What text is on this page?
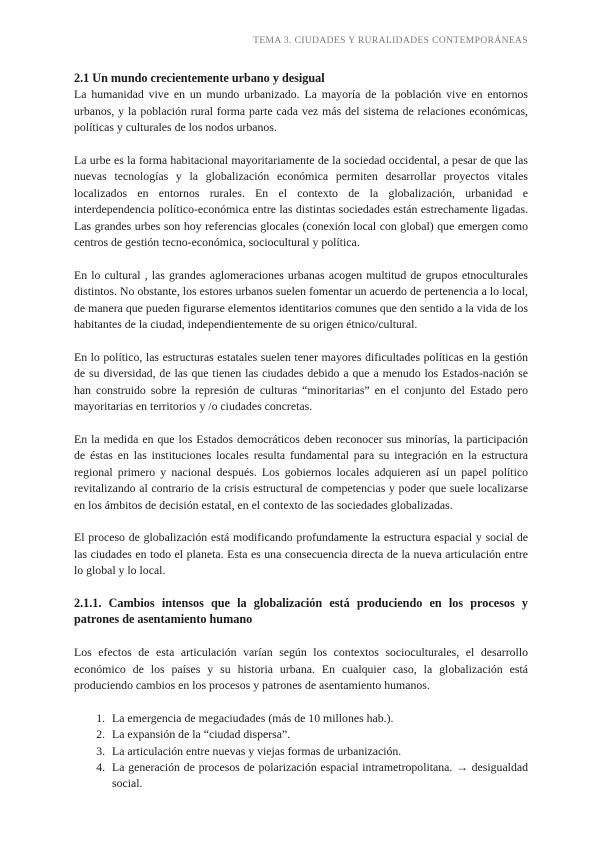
TEMA 3. CIUDADES Y RURALIDADES CONTEMPORÁNEAS
2.1 Un mundo crecientemente urbano y desigual

La humanidad vive en un mundo urbanizado. La mayoría de la población vive en entornos urbanos, y la población rural forma parte cada vez más del sistema de relaciones económicas, políticas y culturales de los nodos urbanos.

La urbe es la forma habitacional mayoritariamente de la sociedad occidental, a pesar de que las nuevas tecnologías y la globalización económica permiten desarrollar proyectos vitales localizados en entornos rurales. En el contexto de la globalización, urbanidad e interdependencia político-económica entre las distintas sociedades están estrechamente ligadas. Las grandes urbes son hoy referencias glocales (conexión local con global) que emergen como centros de gestión tecno-económica, sociocultural y política.

En lo cultural , las grandes aglomeraciones urbanas acogen multitud de grupos etnoculturales distintos. No obstante, los estores urbanos suelen fomentar un acuerdo de pertenencia a lo local, de manera que pueden figurarse elementos identitarios comunes que den sentido a la vida de los habitantes de la ciudad, independientemente de su origen étnico/cultural.

En lo político, las estructuras estatales suelen tener mayores dificultades políticas en la gestión de su diversidad, de las que tienen las ciudades debido a que a menudo los Estados-nación se han construido sobre la represión de culturas “minoritarias” en el conjunto del Estado pero mayoritarias en territorios y /o ciudades concretas.

En la medida en que los Estados democráticos deben reconocer sus minorías, la participación de éstas en las instituciones locales resulta fundamental para su integración en la estructura regional primero y nacional después. Los gobiernos locales adquieren así un papel político revitalizando al contrario de la crisis estructural de competencias y poder que suele localizarse en los ámbitos de decisión estatal, en el contexto de las sociedades globalizadas.

El proceso de globalización está modificando profundamente la estructura espacial y social de las ciudades en todo el planeta. Esta es una consecuencia directa de la nueva articulación entre lo global y lo local.

2.1.1. Cambios intensos que la globalización está produciendo en los procesos y patrones de asentamiento humano

Los efectos de esta articulación varían según los contextos socioculturales, el desarrollo económico de los países y su historia urbana. En cualquier caso, la globalización está produciendo cambios en los procesos y patrones de asentamiento humanos.

1. La emergencia de megaciudades (más de 10 millones hab.).
2. La expansión de la “ciudad dispersa”.
3. La articulación entre nuevas y viejas formas de urbanización.
4. La generación de procesos de polarización espacial intrametropolitana. → desigualdad social.
